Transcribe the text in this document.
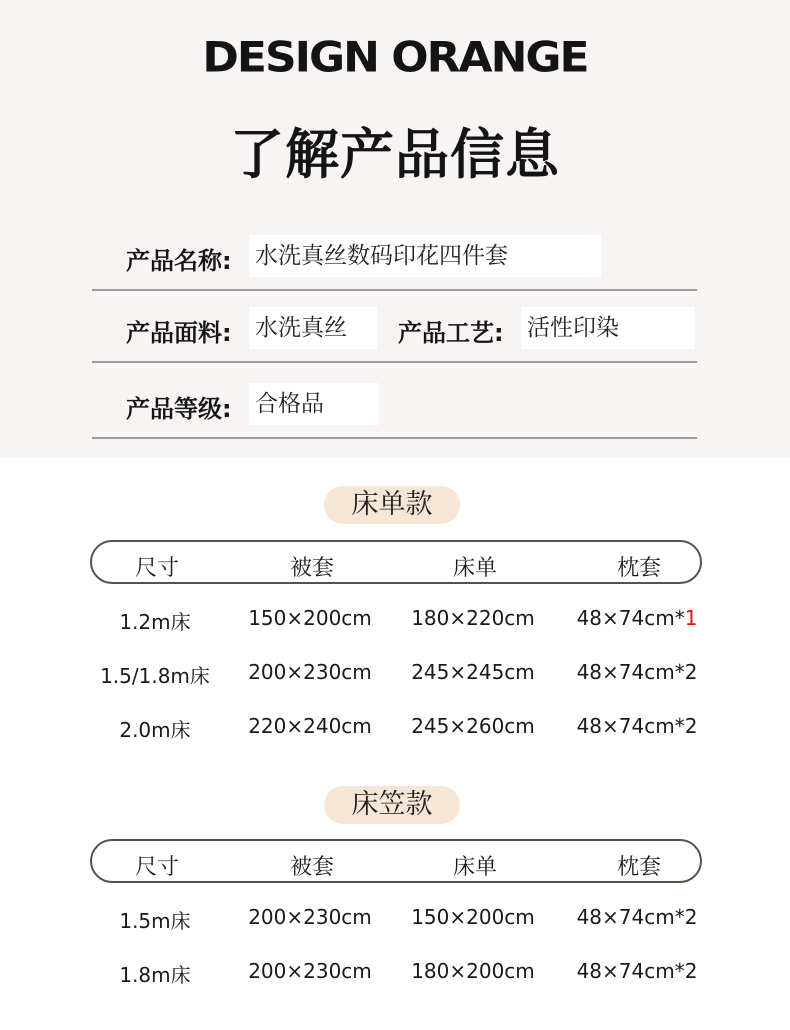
DESIGN ORANGE
了解产品信息
产品名称: 水洗真丝数码印花四件套
产品面料: 水洗真丝	产品工艺: 活性印染
产品等级: 合格品
床单款
尺寸	被套	床单	枕套
1.2m床	150×200cm	180×220cm	48×74cm*1
1.5/1.8m床	200×230cm	245×245cm	48×74cm*2
2.0m床	220×240cm	245×260cm	48×74cm*2
床笠款
尺寸	被套	床单	枕套
1.5m床	200×230cm	150×200cm	48×74cm*2
1.8m床	200×230cm	180×200cm	48×74cm*2
